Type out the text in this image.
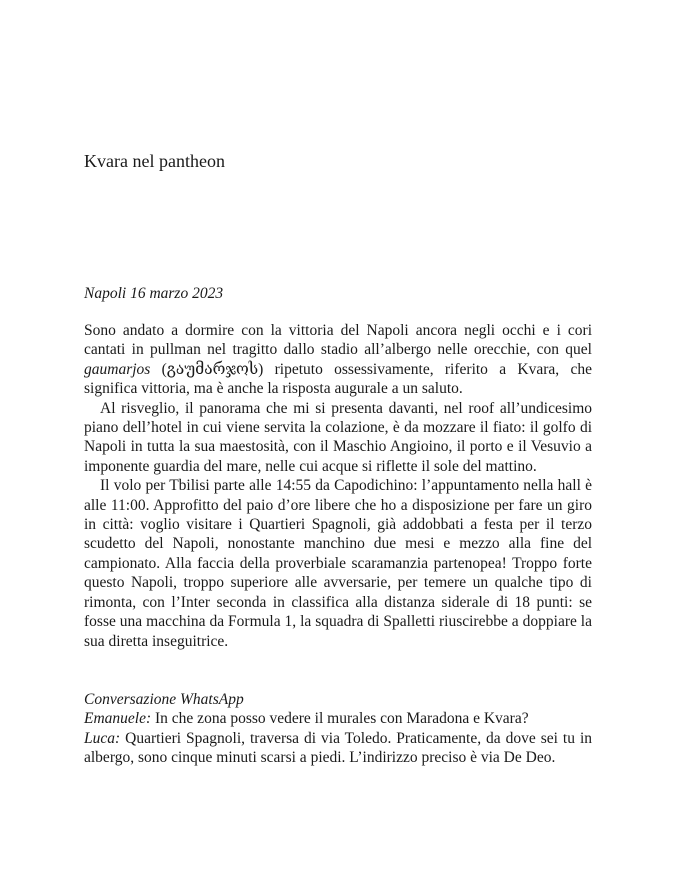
Kvara nel pantheon
Napoli 16 marzo 2023

Sono andato a dormire con la vittoria del Napoli ancora negli occhi e i cori cantati in pullman nel tragitto dallo stadio all’albergo nelle orecchie, con quel gaumarjos (გაუმარჯოს) ripetuto ossessivamente, riferito a Kvara, che significa vittoria, ma è anche la risposta augurale a un saluto.

Al risveglio, il panorama che mi si presenta davanti, nel roof all’undicesimo piano dell’hotel in cui viene servita la colazione, è da mozzare il fiato: il golfo di Napoli in tutta la sua maestosità, con il Maschio Angioino, il porto e il Vesuvio a imponente guardia del mare, nelle cui acque si riflette il sole del mattino.

Il volo per Tbilisi parte alle 14:55 da Capodichino: l’appuntamento nella hall è alle 11:00. Approfitto del paio d’ore libere che ho a disposizione per fare un giro in città: voglio visitare i Quartieri Spagnoli, già addobbati a festa per il terzo scudetto del Napoli, nonostante manchino due mesi e mezzo alla fine del campionato. Alla faccia della proverbiale scaramanzia partenopea! Troppo forte questo Napoli, troppo superiore alle avversarie, per temere un qualche tipo di rimonta, con l’Inter seconda in classifica alla distanza siderale di 18 punti: se fosse una macchina da Formula 1, la squadra di Spalletti riuscirebbe a doppiare la sua diretta inseguitrice.

Conversazione WhatsApp

Emanuele: In che zona posso vedere il murales con Maradona e Kvara?

Luca: Quartieri Spagnoli, traversa di via Toledo. Praticamente, da dove sei tu in albergo, sono cinque minuti scarsi a piedi. L’indirizzo preciso è via De Deo.
